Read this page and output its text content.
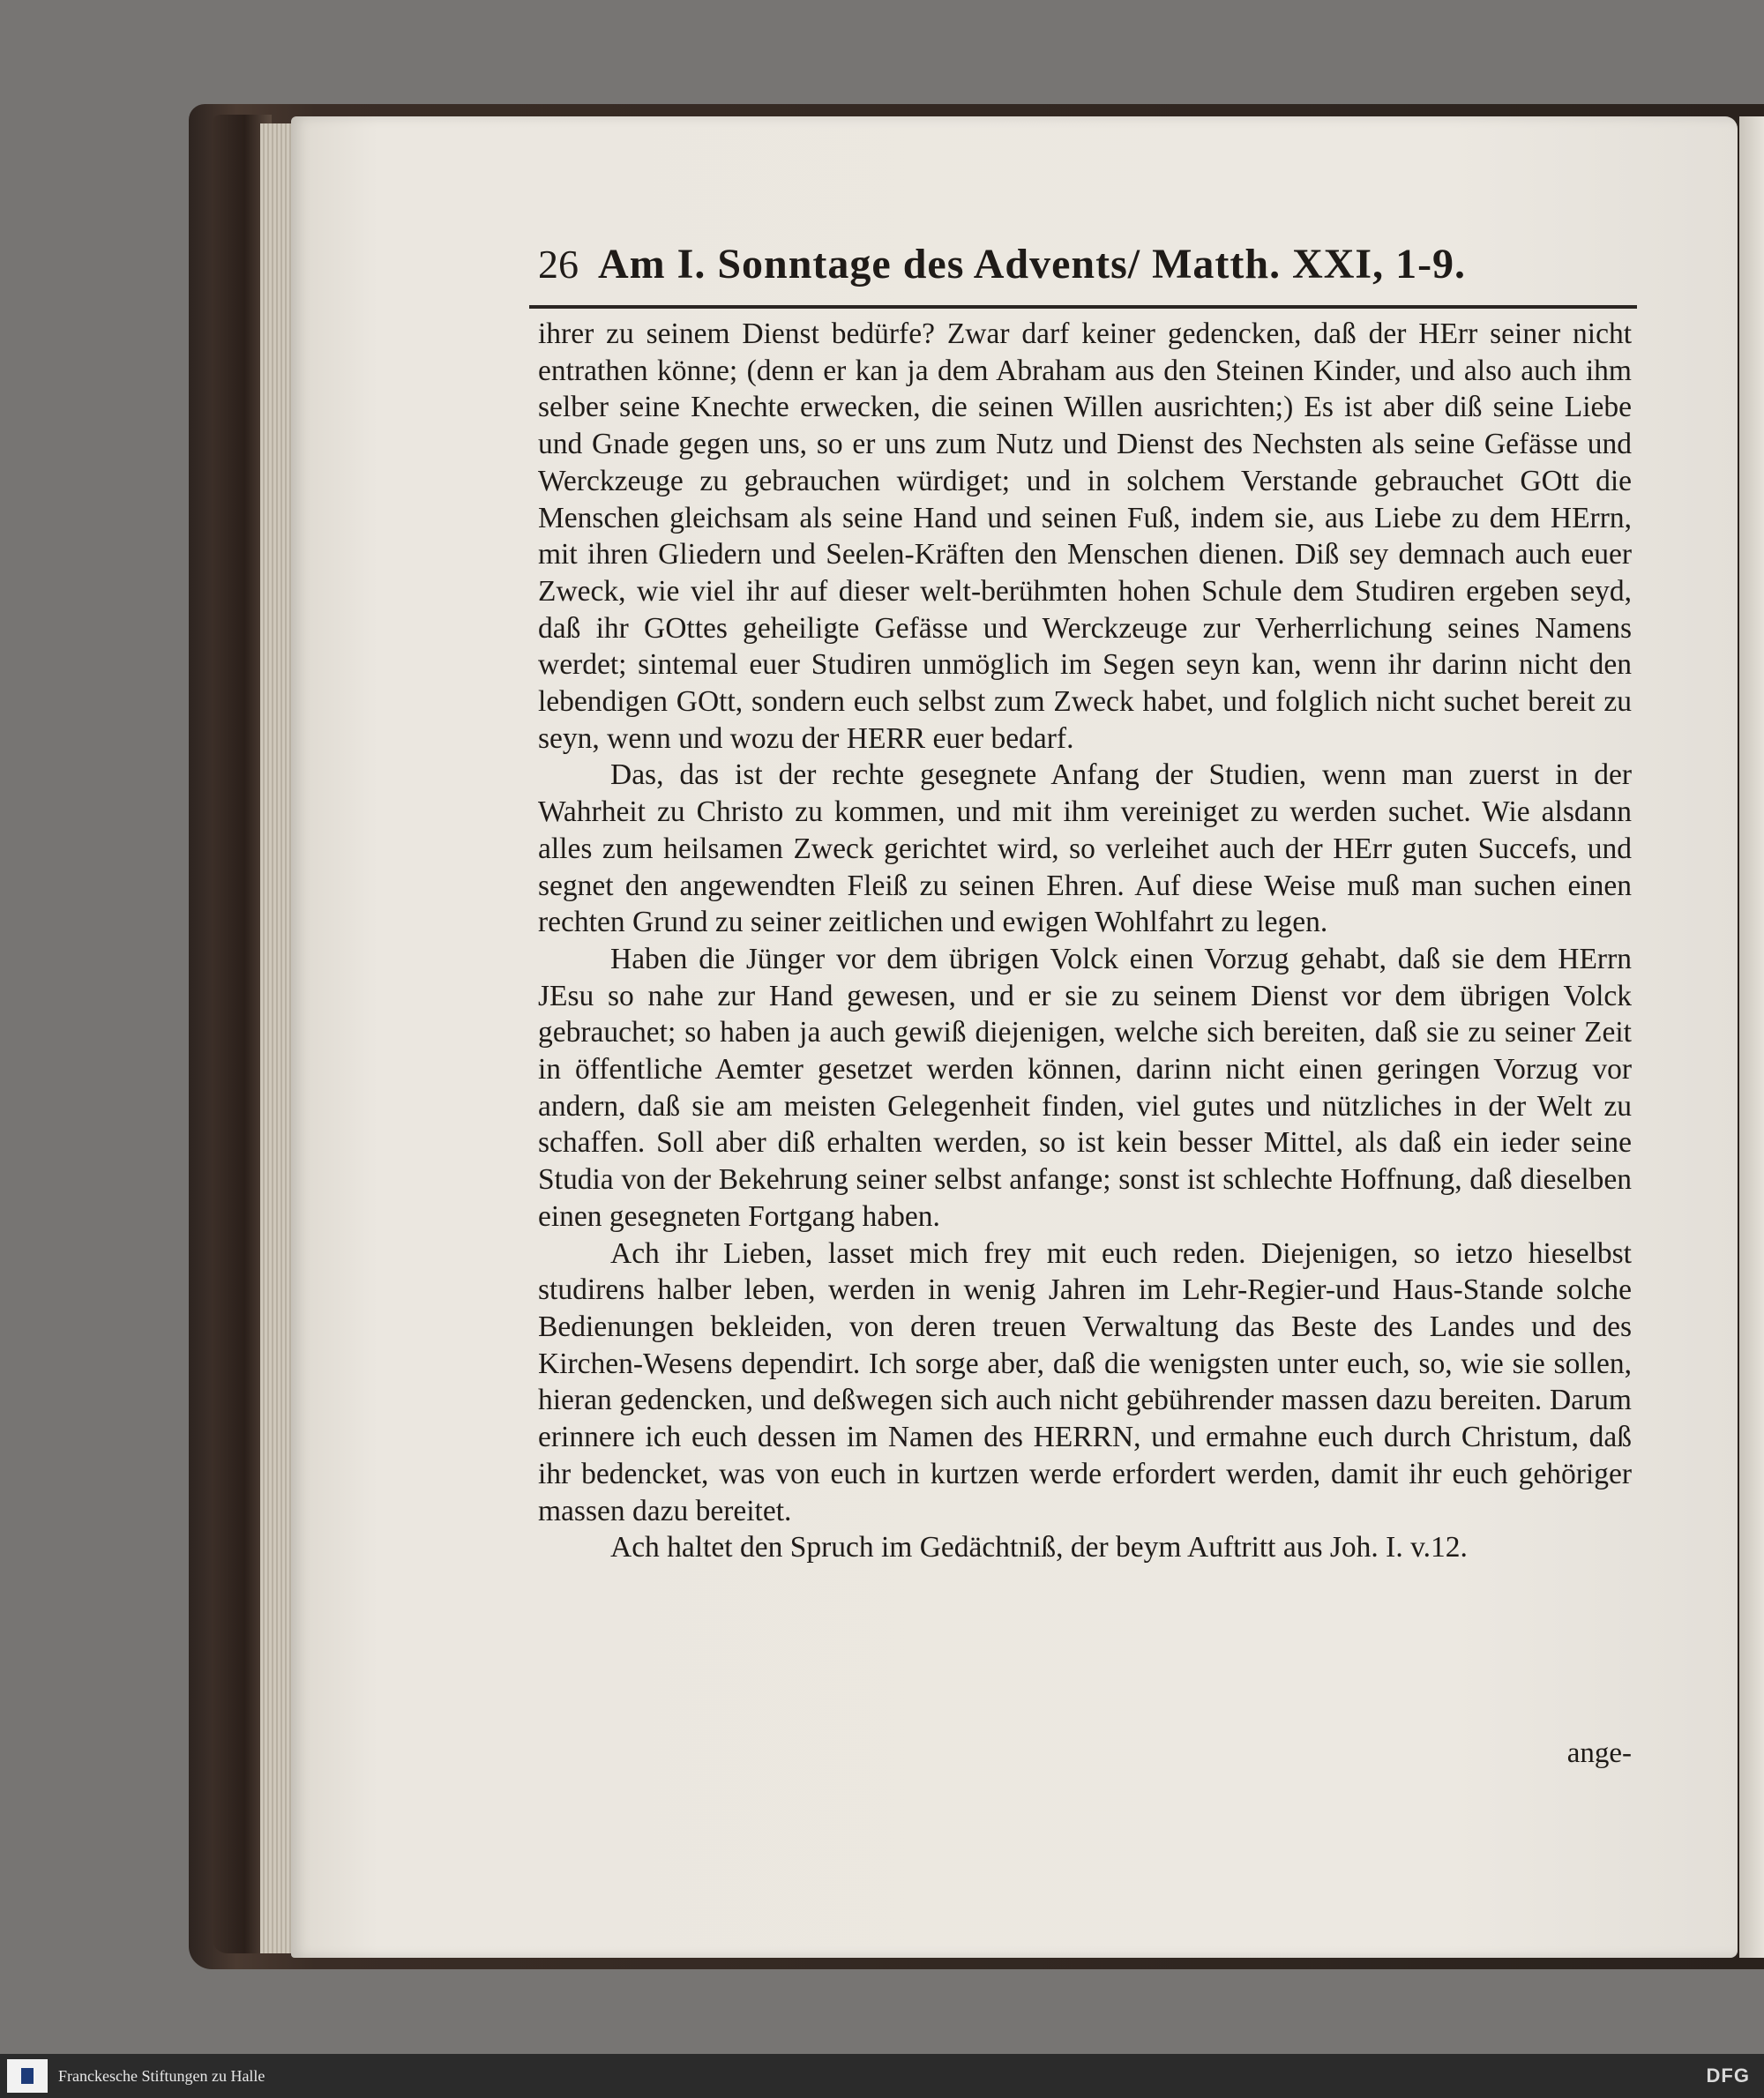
26 Am I. Sonntage des Advents/ Matth. XXI, 1-9.

ihrer zu seinem Dienst bedürfe? Zwar darf keiner gedencken, daß der HErr seiner nicht entrathen könne; (denn er kan ja dem Abraham aus den Steinen Kinder, und also auch ihm selber seine Knechte erwecken, die seinen Willen ausrichten;) Es ist aber diß seine Liebe und Gnade gegen uns, so er uns zum Nutz und Dienst des Nechsten als seine Gefässe und Werckzeuge zu gebrauchen würdiget; und in solchem Verstande gebrauchet GOtt die Menschen gleichsam als seine Hand und seinen Fuß, indem sie, aus Liebe zu dem HErrn, mit ihren Gliedern und Seelen-Kräften den Menschen dienen. Diß sey demnach auch euer Zweck, wie viel ihr auf dieser welt-berühmten hohen Schule dem Studiren ergeben seyd, daß ihr GOttes geheiligte Gefässe und Werckzeuge zur Verherrlichung seines Namens werdet; sintemal euer Studiren unmöglich im Segen seyn kan, wenn ihr darinn nicht den lebendigen GOtt, sondern euch selbst zum Zweck habet, und folglich nicht suchet bereit zu seyn, wenn und wozu der HERR euer bedarf.

Das, das ist der rechte gesegnete Anfang der Studien, wenn man zuerst in der Wahrheit zu Christo zu kommen, und mit ihm vereiniget zu werden suchet. Wie alsdann alles zum heilsamen Zweck gerichtet wird, so verleihet auch der HErr guten Succefs, und segnet den angewendten Fleiß zu seinen Ehren. Auf diese Weise muß man suchen einen rechten Grund zu seiner zeitlichen und ewigen Wohlfahrt zu legen.

Haben die Jünger vor dem übrigen Volck einen Vorzug gehabt, daß sie dem HErrn JEsu so nahe zur Hand gewesen, und er sie zu seinem Dienst vor dem übrigen Volck gebrauchet; so haben ja auch gewiß diejenigen, welche sich bereiten, daß sie zu seiner Zeit in öffentliche Aemter gesetzet werden können, darinn nicht einen geringen Vorzug vor andern, daß sie am meisten Gelegenheit finden, viel gutes und nützliches in der Welt zu schaffen. Soll aber diß erhalten werden, so ist kein besser Mittel, als daß ein ieder seine Studia von der Bekehrung seiner selbst anfange; sonst ist schlechte Hoffnung, daß dieselben einen gesegneten Fortgang haben.

Ach ihr Lieben, lasset mich frey mit euch reden. Diejenigen, so ietzo hieselbst studirens halber leben, werden in wenig Jahren im Lehr-Regier-und Haus-Stande solche Bedienungen bekleiden, von deren treuen Verwaltung das Beste des Landes und des Kirchen-Wesens dependirt. Ich sorge aber, daß die wenigsten unter euch, so, wie sie sollen, hieran gedencken, und deßwegen sich auch nicht gebührender massen dazu bereiten. Darum erinnere ich euch dessen im Namen des HERRN, und ermahne euch durch Christum, daß ihr bedencket, was von euch in kurtzen werde erfordert werden, damit ihr euch gehöriger massen dazu bereitet.

Ach haltet den Spruch im Gedächtniß, der beym Auftritt aus Joh. I. v.12.

ange-
Franckesche Stiftungen zu Halle	DFG
